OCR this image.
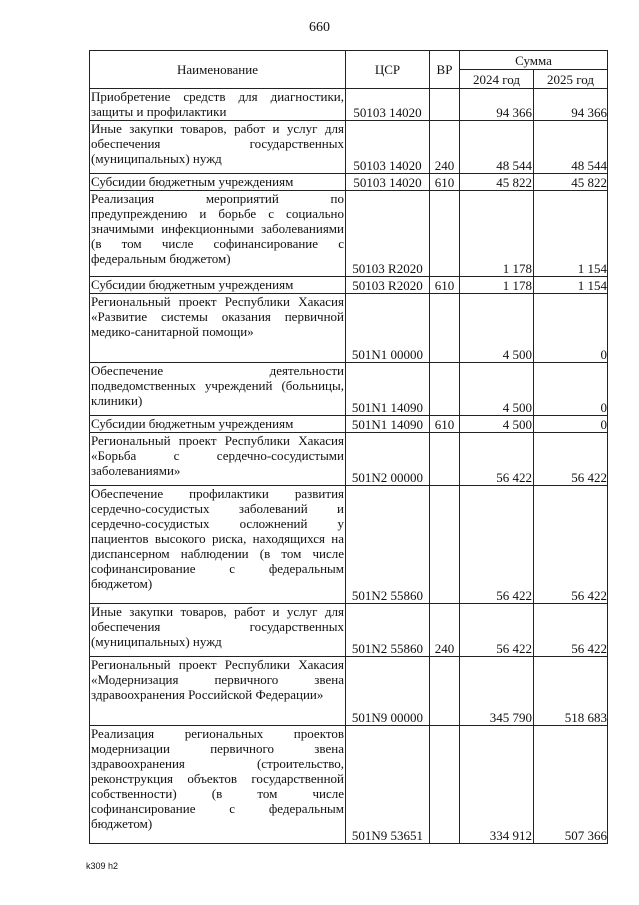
660
Наименование	ЦСР	ВР	Сумма	
			2024 год	2025 год
Приобретение средств для диагностики, защиты и профилактики	50103 14020		94 366	94 366
Иные закупки товаров, работ и услуг для обеспечения государственных (муниципальных) нужд	50103 14020	240	48 544	48 544
Субсидии бюджетным учреждениям	50103 14020	610	45 822	45 822
Реализация мероприятий по предупреждению и борьбе с социально значимыми инфекционными заболеваниями (в том числе софинансирование с федеральным бюджетом)	50103 R2020		1 178	1 154
Субсидии бюджетным учреждениям	50103 R2020	610	1 178	1 154
Региональный проект Республики Хакасия «Развитие системы оказания первичной медико-санитарной помощи»	501N1 00000		4 500	0
Обеспечение деятельности подведомственных учреждений (больницы, клиники)	501N1 14090		4 500	0
Субсидии бюджетным учреждениям	501N1 14090	610	4 500	0
Региональный проект Республики Хакасия «Борьба с сердечно-сосудистыми заболеваниями»	501N2 00000		56 422	56 422
Обеспечение профилактики развития сердечно-сосудистых заболеваний и сердечно-сосудистых осложнений у пациентов высокого риска, находящихся на диспансерном наблюдении (в том числе софинансирование с федеральным бюджетом)	501N2 55860		56 422	56 422
Иные закупки товаров, работ и услуг для обеспечения государственных (муниципальных) нужд	501N2 55860	240	56 422	56 422
Региональный проект Республики Хакасия «Модернизация первичного звена здравоохранения Российской Федерации»	501N9 00000		345 790	518 683
Реализация региональных проектов модернизации первичного звена здравоохранения (строительство, реконструкция объектов государственной собственности) (в том числе софинансирование с федеральным бюджетом)	501N9 53651		334 912	507 366
k309 h2
